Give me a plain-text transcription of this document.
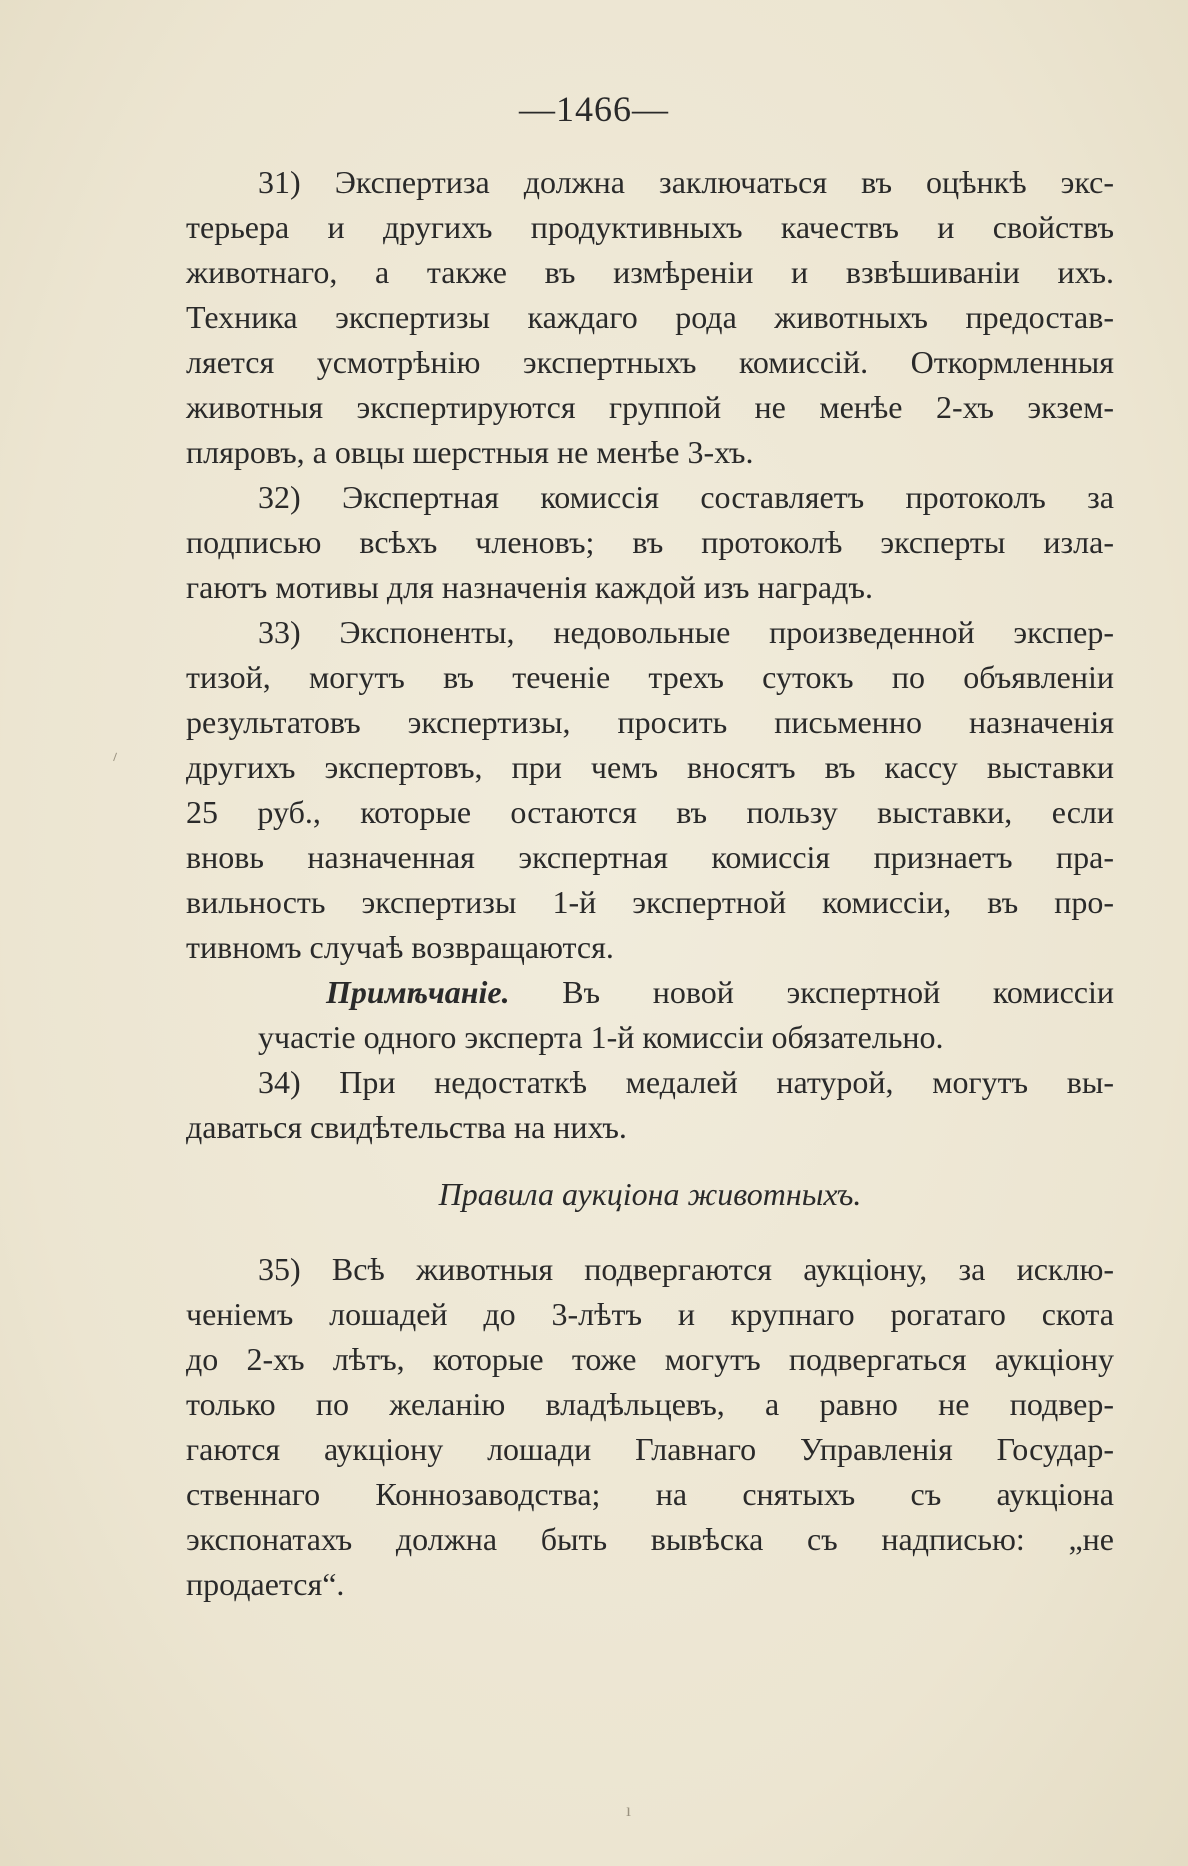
—1466—
31) Экспертиза должна заключаться въ оцѣнкѣ экс-
терьера и другихъ продуктивныхъ качествъ и свойствъ
животнаго, а также въ измѣреніи и взвѣшиваніи ихъ.
Техника экспертизы каждаго рода животныхъ предостав-
ляется усмотрѣнію экспертныхъ комиссій. Откормленныя
животныя экспертируются группой не менѣе 2-хъ экзем-
пляровъ, а овцы шерстныя не менѣе 3-хъ.
32) Экспертная комиссія составляетъ протоколъ за
подписью всѣхъ членовъ; въ протоколѣ эксперты изла-
гаютъ мотивы для назначенія каждой изъ наградъ.
33) Экспоненты, недовольные произведенной экспер-
тизой, могутъ въ теченіе трехъ сутокъ по объявленіи
результатовъ экспертизы, просить письменно назначенія
другихъ экспертовъ, при чемъ вносятъ въ кассу выставки
25 руб., которые остаются въ пользу выставки, если
вновь назначенная экспертная комиссія признаетъ пра-
вильность экспертизы 1-й экспертной комиссіи, въ про-
тивномъ случаѣ возвращаются.
Примѣчаніе. Въ новой экспертной комиссіи
участіе одного эксперта 1-й комиссіи обязательно.
34) При недостаткѣ медалей натурой, могутъ вы-
даваться свидѣтельства на нихъ.
Правила аукціона животныхъ.
35) Всѣ животныя подвергаются аукціону, за исклю-
ченіемъ лошадей до 3-лѣтъ и крупнаго рогатаго скота
до 2-хъ лѣтъ, которые тоже могутъ подвергаться аукціону
только по желанію владѣльцевъ, а равно не подвер-
гаются аукціону лошади Главнаго Управленія Государ-
ственнаго Коннозаводства; на снятыхъ съ аукціона
экспонатахъ должна быть вывѣска съ надписью: „не
продается“.
⸍
ı
